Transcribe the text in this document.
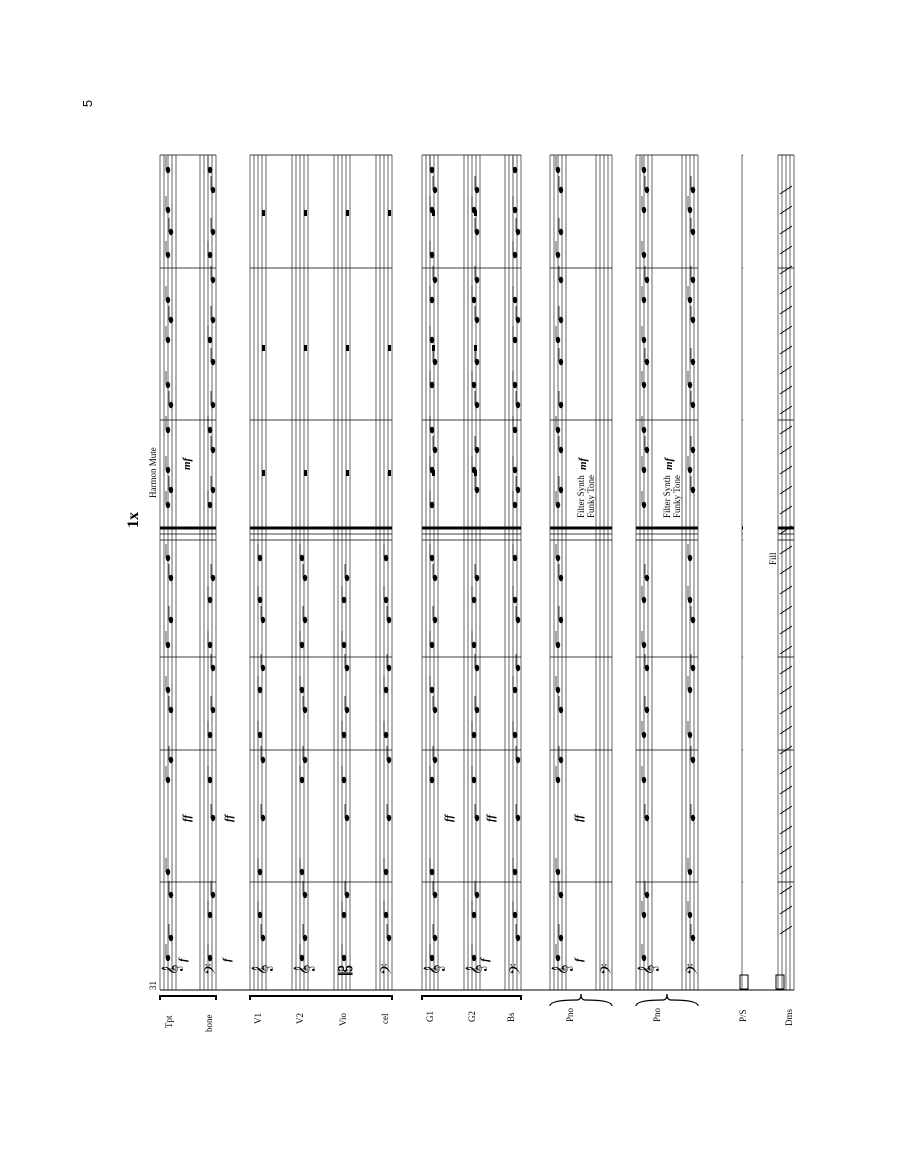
5
𝄞 𝄢 𝄞 𝄞 𝄡 𝄢 𝄞 𝄞 𝄢 𝄞 𝄢 𝄞 𝄢
Tpt	bone	V1	V2	Vio	cel	G1	G2	Bs	Pno	Pno	P/S	Dms
31
1x
Harmon Mute	Filter Synth Funky Tone	Filter Synth Funky Tone
Fill
f	f
ff	ff
f
ff	ff
f
ff
mf	mf	mf
